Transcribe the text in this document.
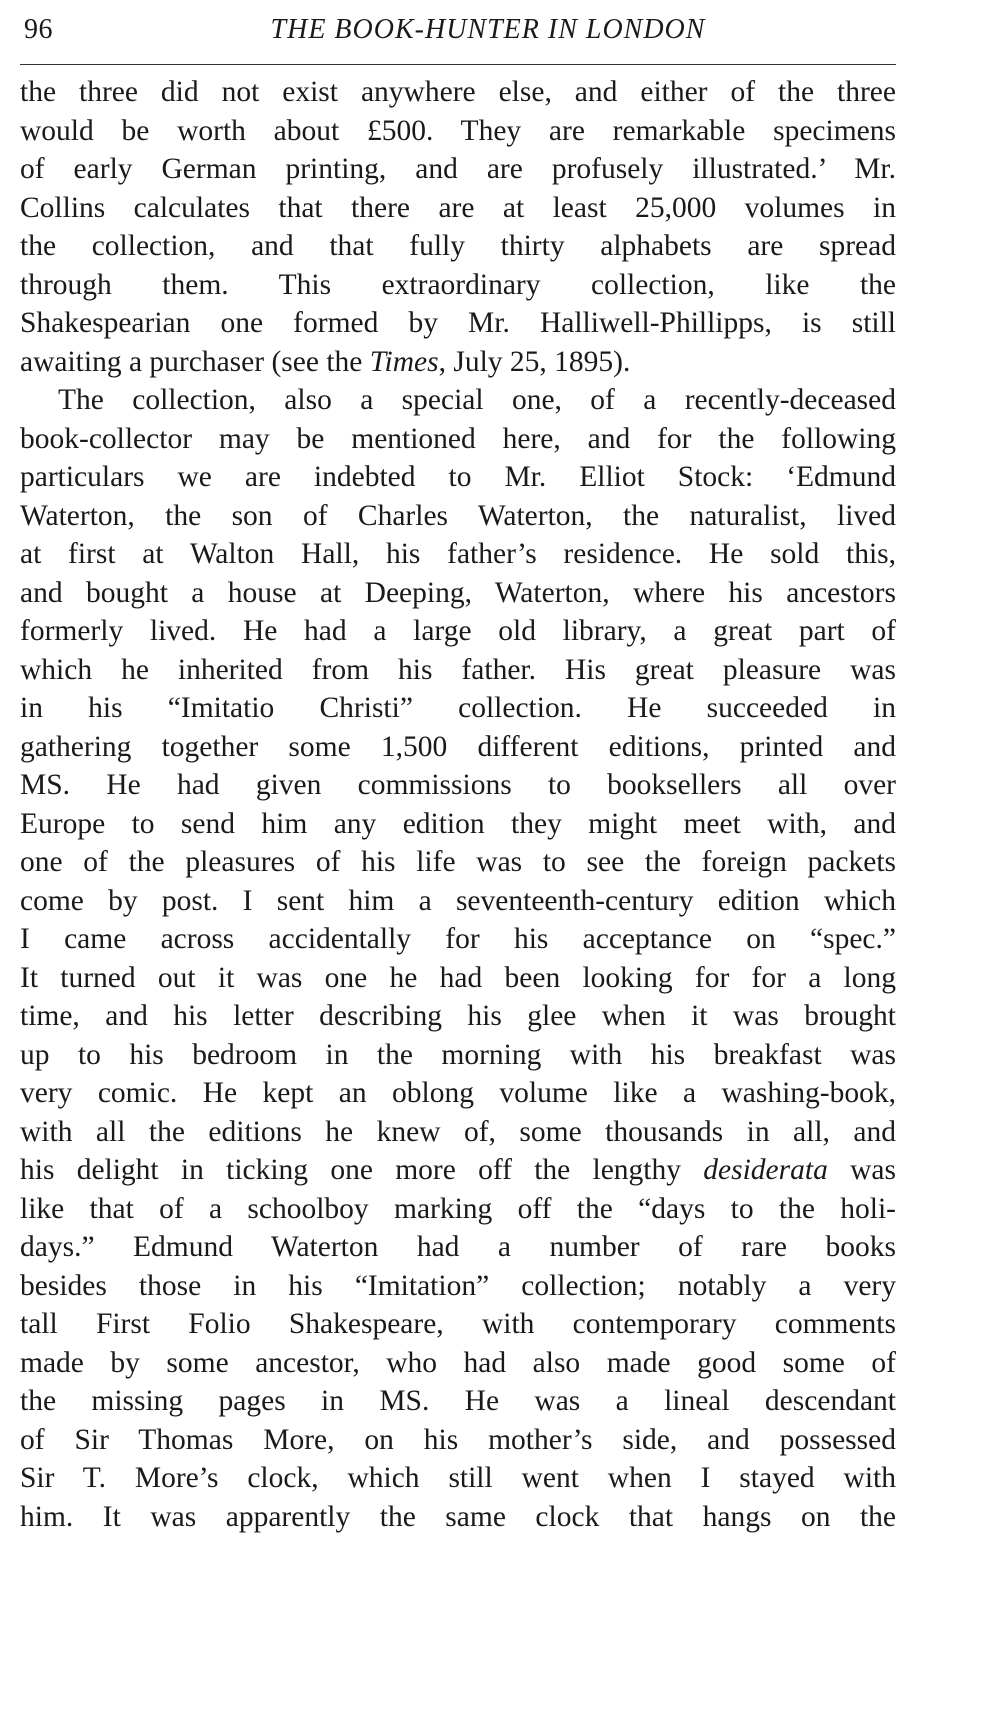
96	THE BOOK-HUNTER IN LONDON
the three did not exist anywhere else, and either of the three
would be worth about £500. They are remarkable specimens
of early German printing, and are profusely illustrated.’ Mr.
Collins calculates that there are at least 25,000 volumes in
the collection, and that fully thirty alphabets are spread
through them. This extraordinary collection, like the
Shakespearian one formed by Mr. Halliwell-Phillipps, is still
awaiting a purchaser (see the Times, July 25, 1895).
The collection, also a special one, of a recently-deceased
book-collector may be mentioned here, and for the following
particulars we are indebted to Mr. Elliot Stock: ‘Edmund
Waterton, the son of Charles Waterton, the naturalist, lived
at first at Walton Hall, his father’s residence. He sold this,
and bought a house at Deeping, Waterton, where his ancestors
formerly lived. He had a large old library, a great part of
which he inherited from his father. His great pleasure was
in his “Imitatio Christi” collection. He succeeded in
gathering together some 1,500 different editions, printed and
MS. He had given commissions to booksellers all over
Europe to send him any edition they might meet with, and
one of the pleasures of his life was to see the foreign packets
come by post. I sent him a seventeenth-century edition which
I came across accidentally for his acceptance on “spec.”
It turned out it was one he had been looking for for a long
time, and his letter describing his glee when it was brought
up to his bedroom in the morning with his breakfast was
very comic. He kept an oblong volume like a washing-book,
with all the editions he knew of, some thousands in all, and
his delight in ticking one more off the lengthy desiderata was
like that of a schoolboy marking off the “days to the holi-
days.” Edmund Waterton had a number of rare books
besides those in his “Imitation” collection; notably a very
tall First Folio Shakespeare, with contemporary comments
made by some ancestor, who had also made good some of
the missing pages in MS. He was a lineal descendant
of Sir Thomas More, on his mother’s side, and possessed
Sir T. More’s clock, which still went when I stayed with
him. It was apparently the same clock that hangs on the
